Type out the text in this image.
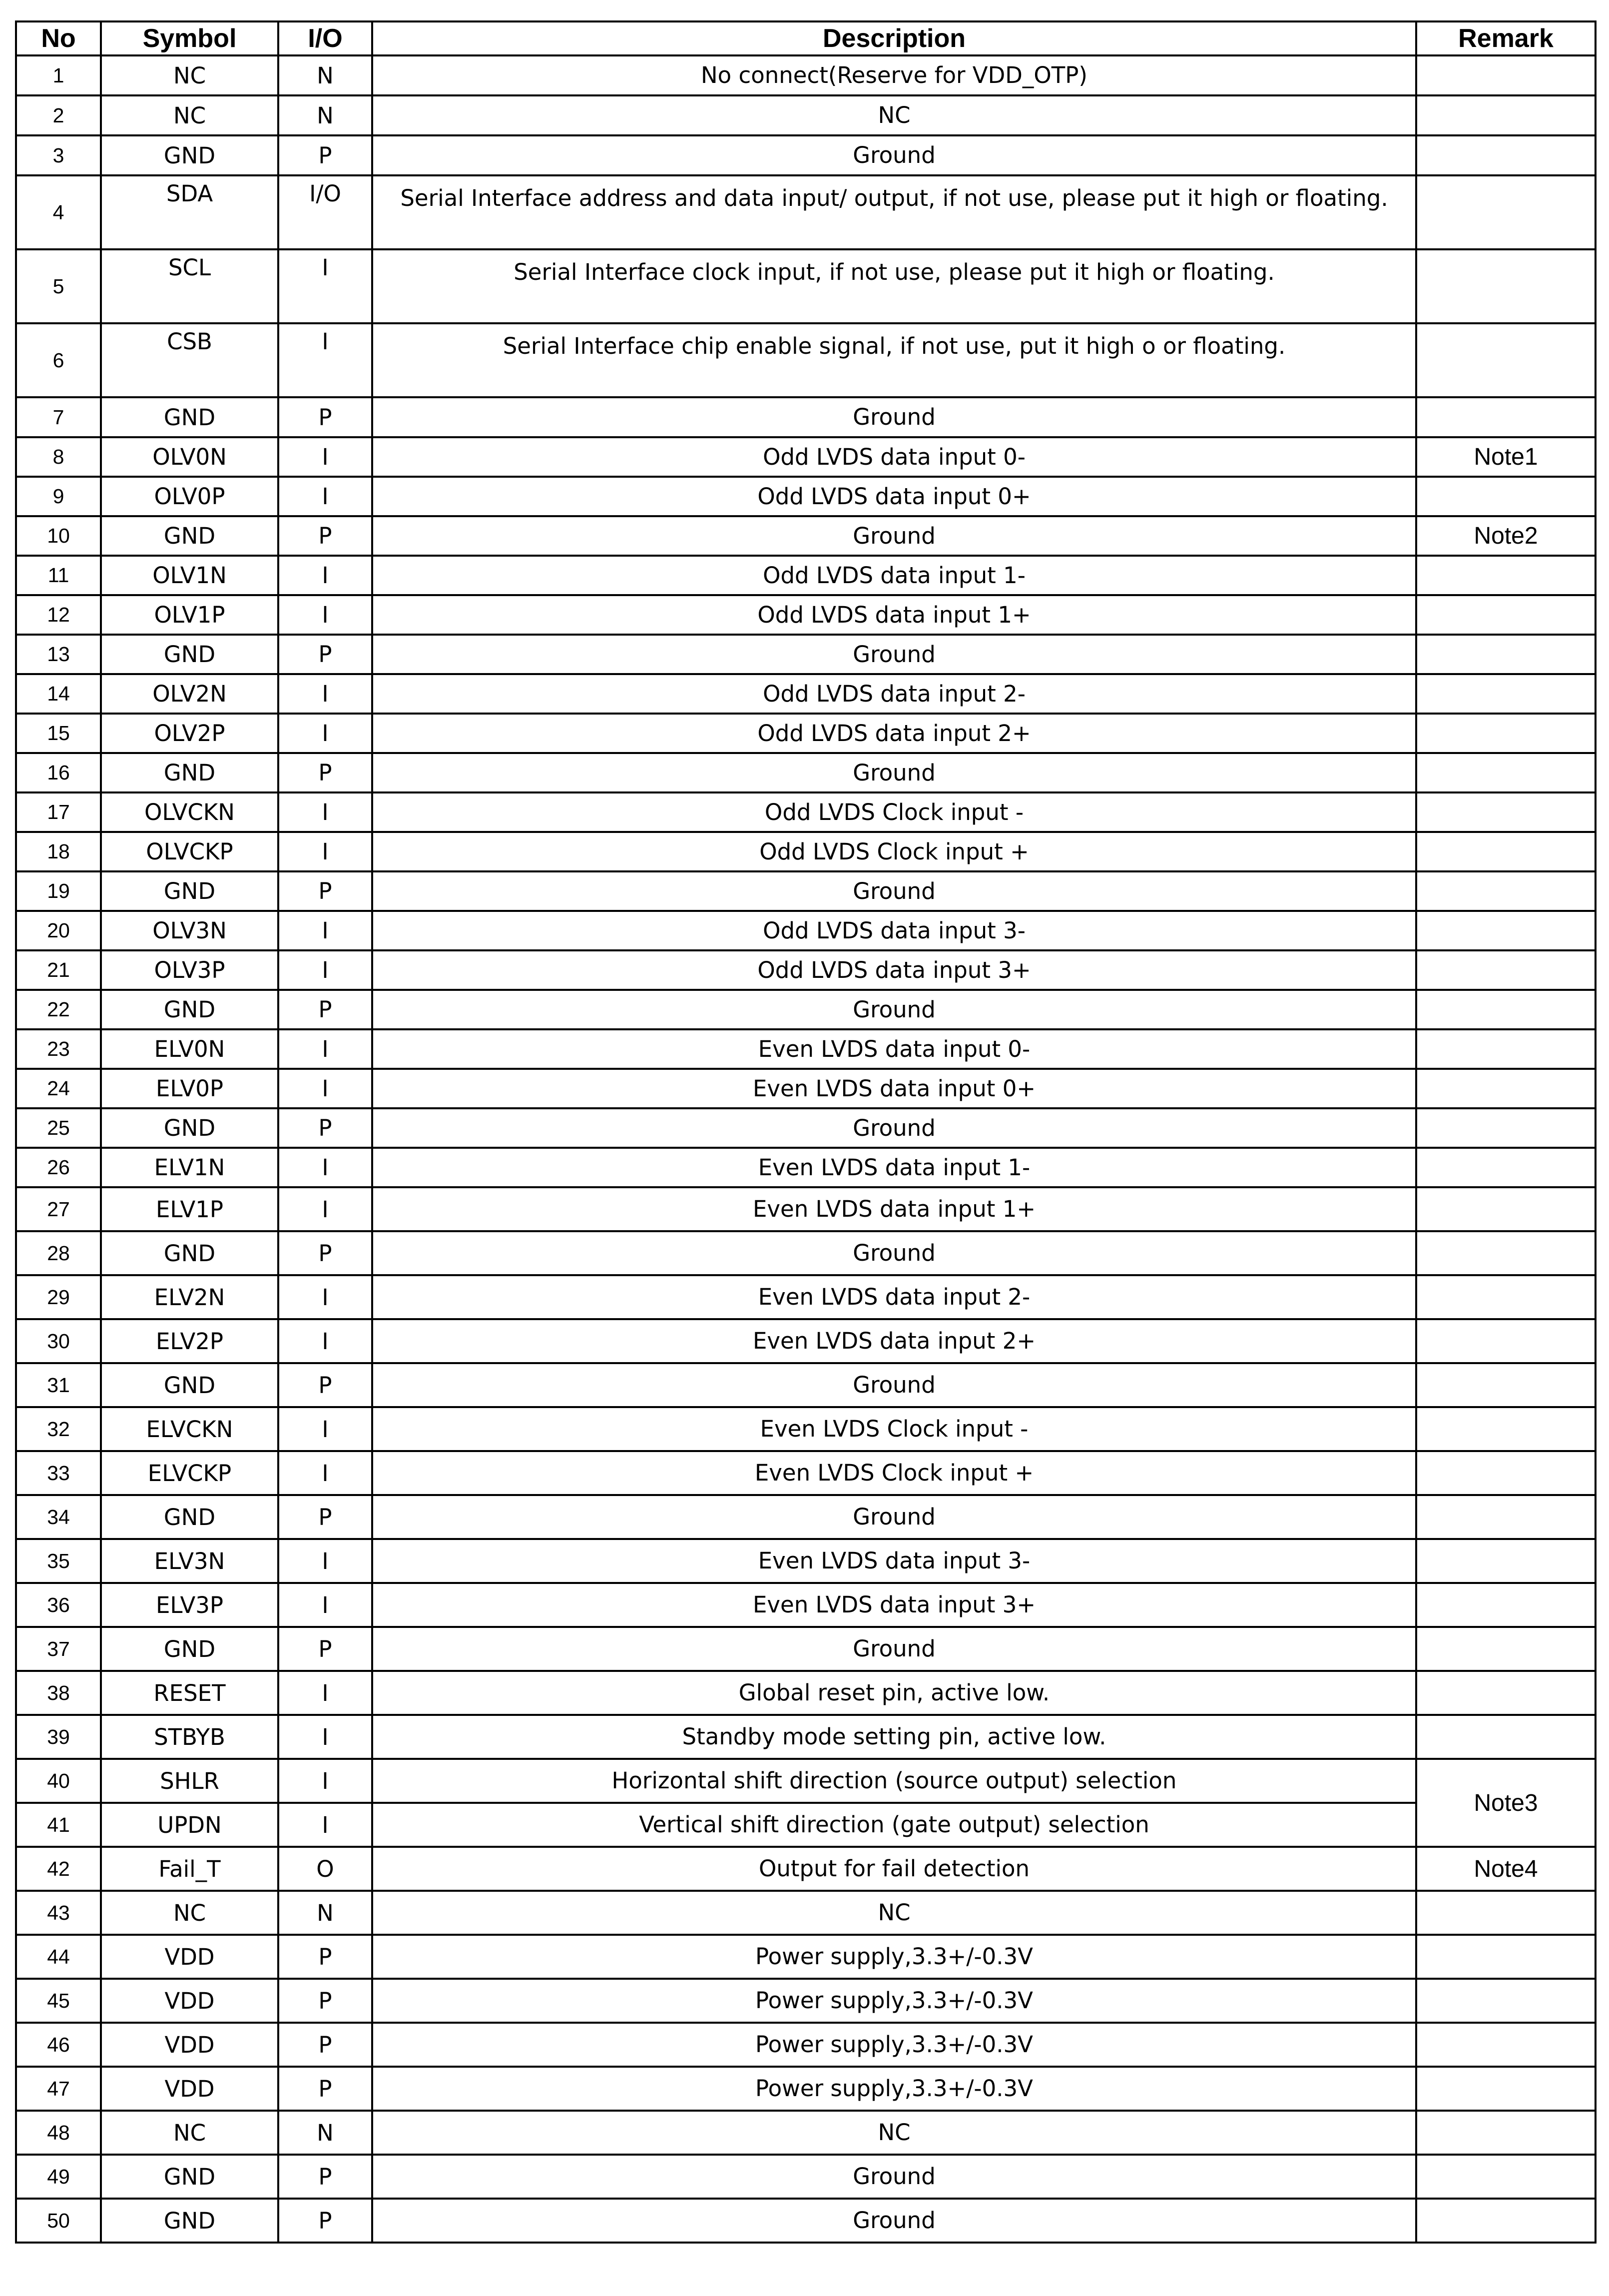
No	Symbol	I/O	Description	Remark
1	NC	N	No connect(Reserve for VDD_OTP)	
2	NC	N	NC	
3	GND	P	Ground	
4	SDA	I/O	Serial Interface address and data input/ output, if not use, please put it high or floating.	
5	SCL	I	Serial Interface clock input, if not use, please put it high or floating.	
6	CSB	I	Serial Interface chip enable signal, if not use, put it high o or floating.	
7	GND	P	Ground	
8	OLV0N	I	Odd LVDS data input 0-	Note1
9	OLV0P	I	Odd LVDS data input 0+	
10	GND	P	Ground	Note2
11	OLV1N	I	Odd LVDS data input 1-	
12	OLV1P	I	Odd LVDS data input 1+	
13	GND	P	Ground	
14	OLV2N	I	Odd LVDS data input 2-	
15	OLV2P	I	Odd LVDS data input 2+	
16	GND	P	Ground	
17	OLVCKN	I	Odd LVDS Clock input -	
18	OLVCKP	I	Odd LVDS Clock input +	
19	GND	P	Ground	
20	OLV3N	I	Odd LVDS data input 3-	
21	OLV3P	I	Odd LVDS data input 3+	
22	GND	P	Ground	
23	ELV0N	I	Even LVDS data input 0-	
24	ELV0P	I	Even LVDS data input 0+	
25	GND	P	Ground	
26	ELV1N	I	Even LVDS data input 1-	
27	ELV1P	I	Even LVDS data input 1+	
28	GND	P	Ground	
29	ELV2N	I	Even LVDS data input 2-	
30	ELV2P	I	Even LVDS data input 2+	
31	GND	P	Ground	
32	ELVCKN	I	Even LVDS Clock input -	
33	ELVCKP	I	Even LVDS Clock input +	
34	GND	P	Ground	
35	ELV3N	I	Even LVDS data input 3-	
36	ELV3P	I	Even LVDS data input 3+	
37	GND	P	Ground	
38	RESET	I	Global reset pin, active low.	
39	STBYB	I	Standby mode setting pin, active low.	
40	SHLR	I	Horizontal shift direction (source output) selection	Note3
41	UPDN	I	Vertical shift direction (gate output) selection	
42	Fail_T	O	Output for fail detection	Note4
43	NC	N	NC	
44	VDD	P	Power supply,3.3+/-0.3V	
45	VDD	P	Power supply,3.3+/-0.3V	
46	VDD	P	Power supply,3.3+/-0.3V	
47	VDD	P	Power supply,3.3+/-0.3V	
48	NC	N	NC	
49	GND	P	Ground	
50	GND	P	Ground	
